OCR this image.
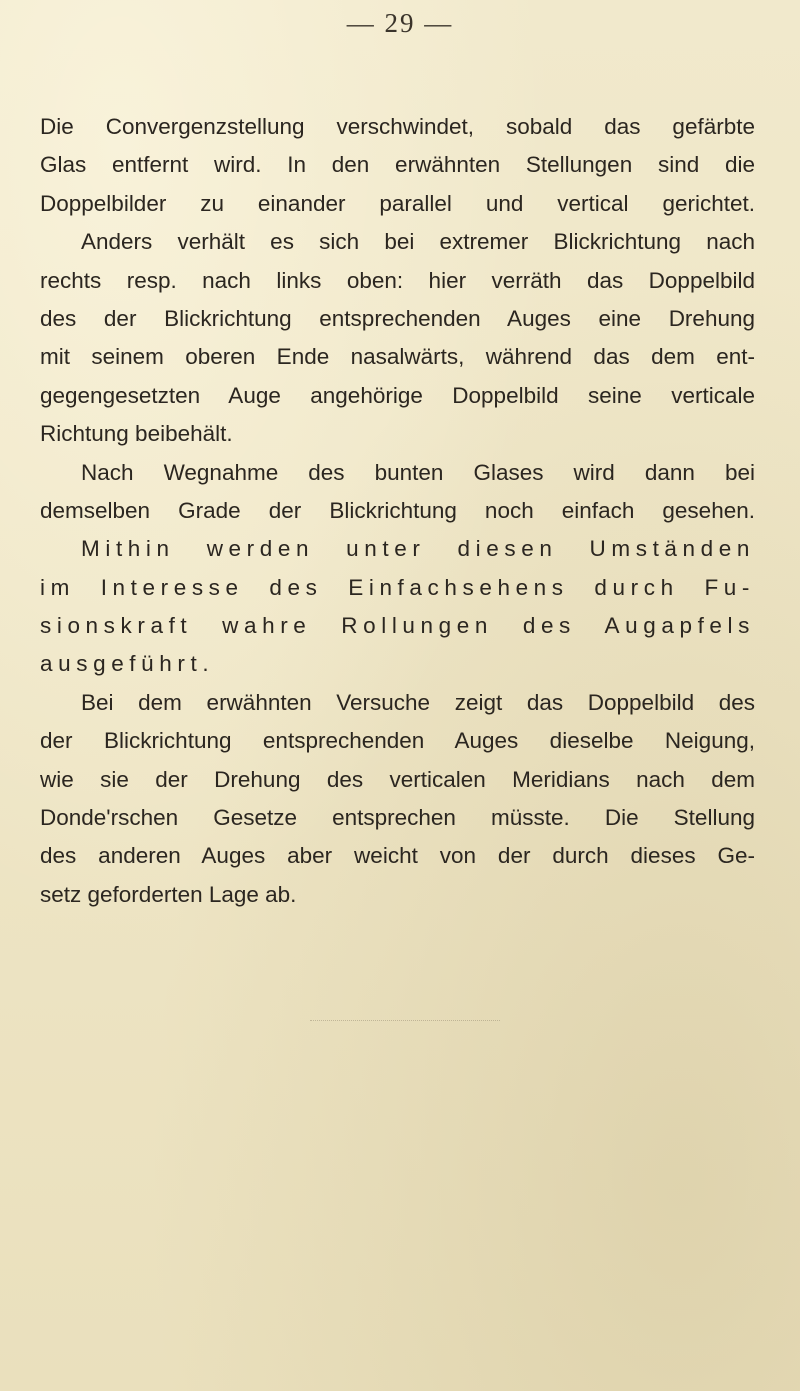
— 29 —
Die Convergenzstellung verschwindet, sobald das gefärbte
Glas entfernt wird. In den erwähnten Stellungen sind die
Doppelbilder zu einander parallel und vertical gerichtet.
Anders verhält es sich bei extremer Blickrichtung nach
rechts resp. nach links oben: hier verräth das Doppelbild
des der Blickrichtung entsprechenden Auges eine Drehung
mit seinem oberen Ende nasalwärts, während das dem ent-
gegengesetzten Auge angehörige Doppelbild seine verticale
Richtung beibehält.
Nach Wegnahme des bunten Glases wird dann bei
demselben Grade der Blickrichtung noch einfach gesehen.
Mithin werden unter diesen Umständen
im Interesse des Einfachsehens durch Fu-
sionskraft wahre Rollungen des Augapfels
ausgeführt.
Bei dem erwähnten Versuche zeigt das Doppelbild des
der Blickrichtung entsprechenden Auges dieselbe Neigung,
wie sie der Drehung des verticalen Meridians nach dem
Donde'rschen Gesetze entsprechen müsste. Die Stellung
des anderen Auges aber weicht von der durch dieses Ge-
setz geforderten Lage ab.
